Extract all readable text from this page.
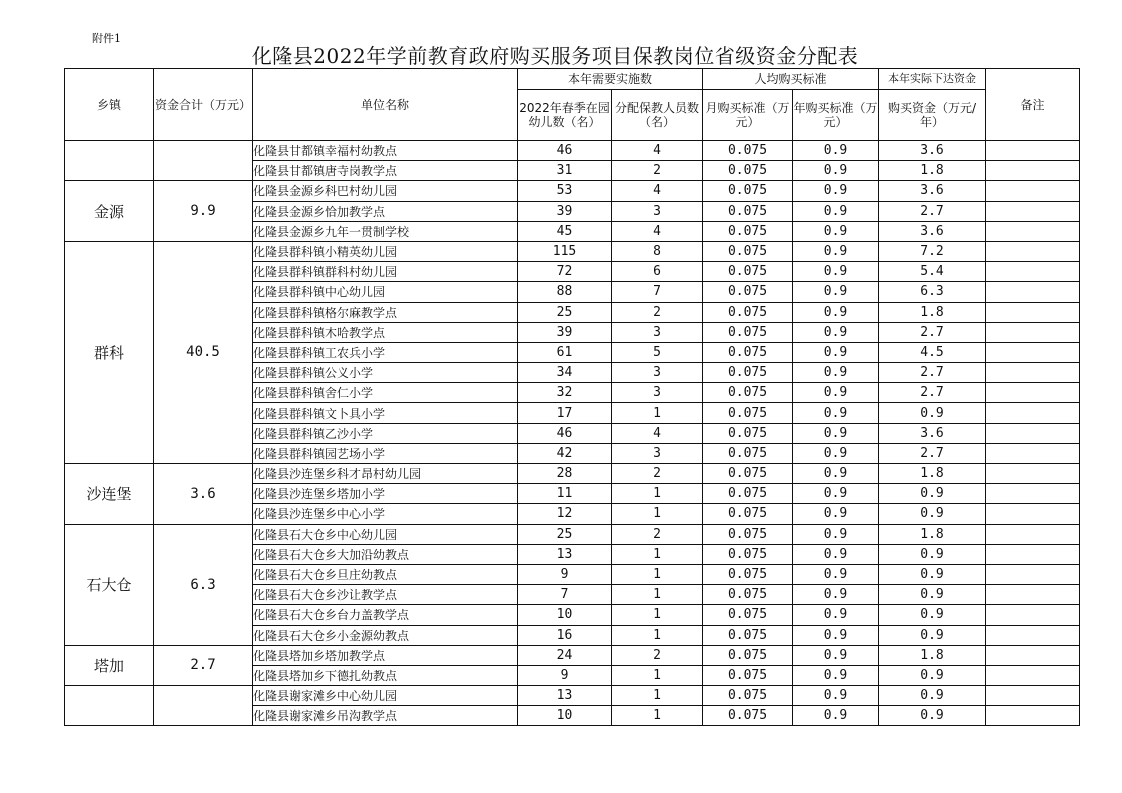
附件1
化隆县2022年学前教育政府购买服务项目保教岗位省级资金分配表
乡镇	资金合计（万元）	单位名称	本年需要实施数		人均购买标准		本年实际下达资金	备注
			2022年春季在园幼儿数（名）	分配保教人员数（名）	月购买标准（万元）	年购买标准（万元）	购买资金（万元/年）	
		化隆县甘都镇幸福村幼教点	46	4	0.075	0.9	3.6	
		化隆县甘都镇唐寺岗教学点	31	2	0.075	0.9	1.8	
金源	9.9	化隆县金源乡科巴村幼儿园	53	4	0.075	0.9	3.6	
		化隆县金源乡恰加教学点	39	3	0.075	0.9	2.7	
		化隆县金源乡九年一贯制学校	45	4	0.075	0.9	3.6	
群科	40.5	化隆县群科镇小精英幼儿园	115	8	0.075	0.9	7.2	
		化隆县群科镇群科村幼儿园	72	6	0.075	0.9	5.4	
		化隆县群科镇中心幼儿园	88	7	0.075	0.9	6.3	
		化隆县群科镇格尔麻教学点	25	2	0.075	0.9	1.8	
		化隆县群科镇木哈教学点	39	3	0.075	0.9	2.7	
		化隆县群科镇工农兵小学	61	5	0.075	0.9	4.5	
		化隆县群科镇公义小学	34	3	0.075	0.9	2.7	
		化隆县群科镇舍仁小学	32	3	0.075	0.9	2.7	
		化隆县群科镇文卜具小学	17	1	0.075	0.9	0.9	
		化隆县群科镇乙沙小学	46	4	0.075	0.9	3.6	
		化隆县群科镇园艺场小学	42	3	0.075	0.9	2.7	
沙连堡	3.6	化隆县沙连堡乡科才昂村幼儿园	28	2	0.075	0.9	1.8	
		化隆县沙连堡乡塔加小学	11	1	0.075	0.9	0.9	
		化隆县沙连堡乡中心小学	12	1	0.075	0.9	0.9	
石大仓	6.3	化隆县石大仓乡中心幼儿园	25	2	0.075	0.9	1.8	
		化隆县石大仓乡大加沿幼教点	13	1	0.075	0.9	0.9	
		化隆县石大仓乡旦庄幼教点	9	1	0.075	0.9	0.9	
		化隆县石大仓乡沙让教学点	7	1	0.075	0.9	0.9	
		化隆县石大仓乡台力盖教学点	10	1	0.075	0.9	0.9	
		化隆县石大仓乡小金源幼教点	16	1	0.075	0.9	0.9	
塔加	2.7	化隆县塔加乡塔加教学点	24	2	0.075	0.9	1.8	
		化隆县塔加乡下德扎幼教点	9	1	0.075	0.9	0.9	
		化隆县谢家滩乡中心幼儿园	13	1	0.075	0.9	0.9	
		化隆县谢家滩乡吊沟教学点	10	1	0.075	0.9	0.9	
